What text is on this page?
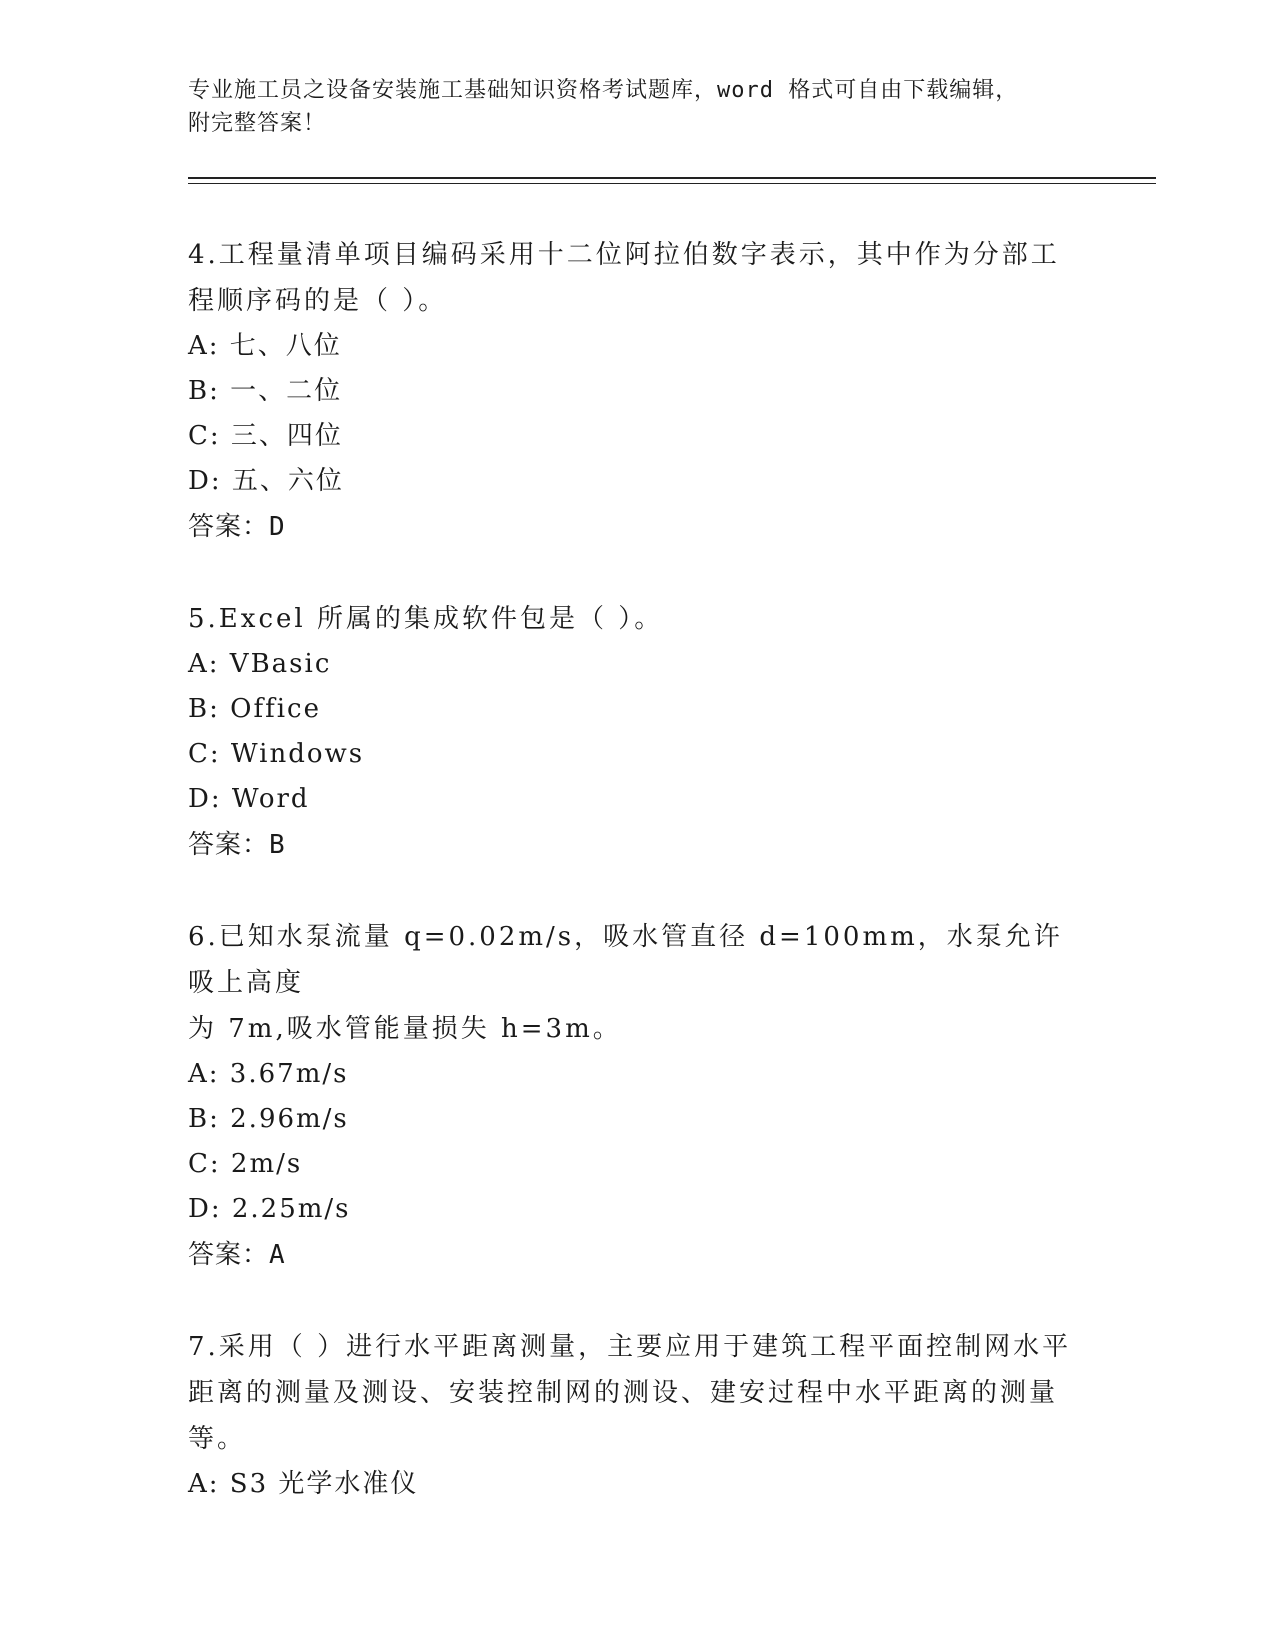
专业施工员之设备安装施工基础知识资格考试题库，word 格式可自由下载编辑，
附完整答案！
4.工程量清单项目编码采用十二位阿拉伯数字表示，其中作为分部工
程顺序码的是（ ）。
A: 七、八位
B: 一、二位
C: 三、四位
D: 五、六位
答案：D
5.Excel 所属的集成软件包是（ ）。
A: VBasic
B: Office
C: Windows
D: Word
答案：B
6.已知水泵流量 q=0.02m/s，吸水管直径 d=100mm，水泵允许吸上高度
为 7m,吸水管能量损失 h=3m。
A: 3.67m/s
B: 2.96m/s
C: 2m/s
D: 2.25m/s
答案：A
7.采用（ ）进行水平距离测量，主要应用于建筑工程平面控制网水平
距离的测量及测设、安装控制网的测设、建安过程中水平距离的测量
等。
A: S3 光学水准仪
